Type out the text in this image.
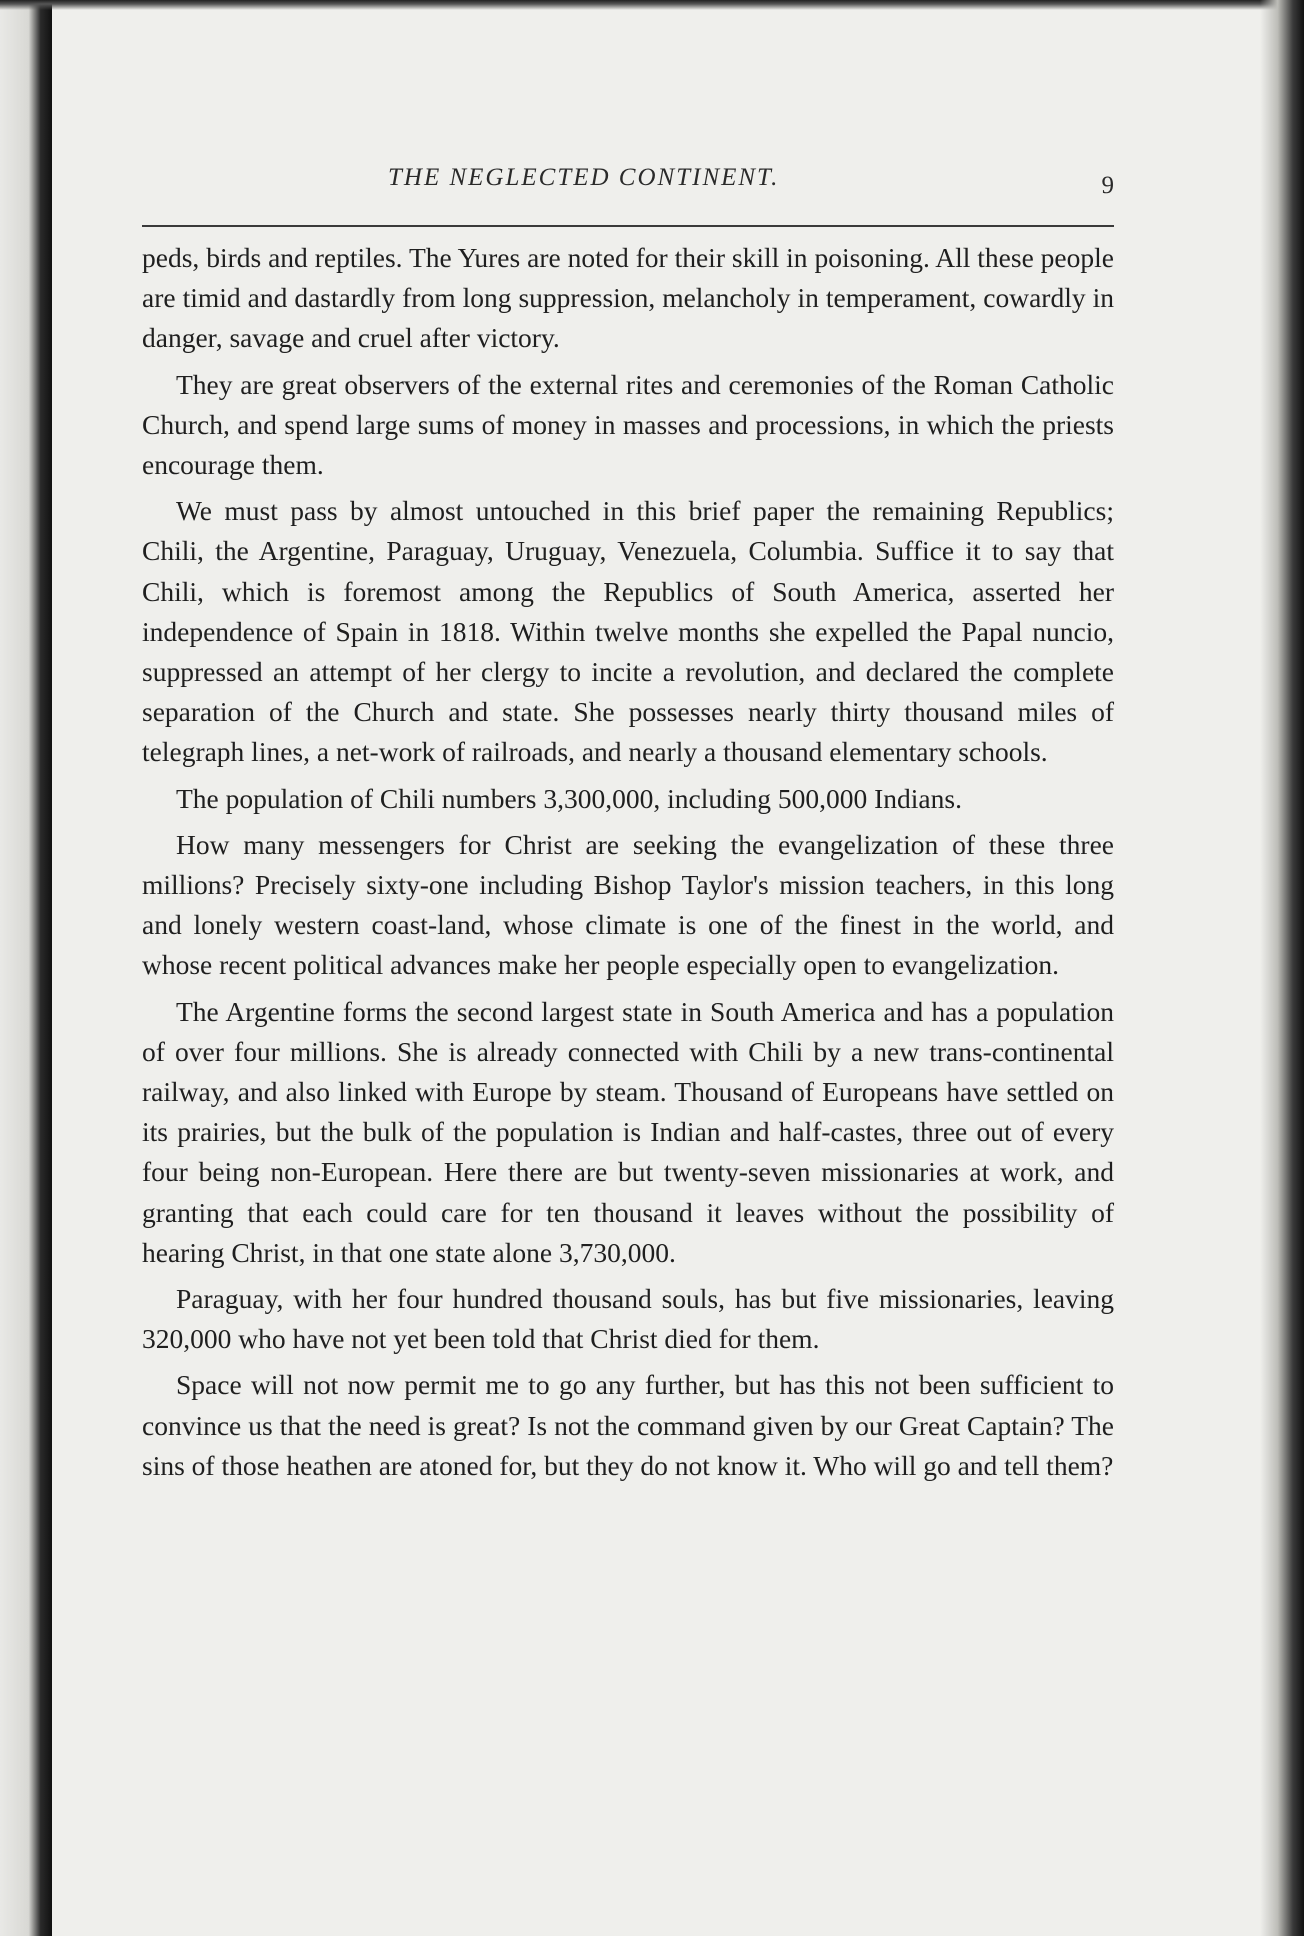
THE NEGLECTED CONTINENT.	9

peds, birds and reptiles. The Yures are noted for their skill in poisoning. All these people are timid and dastardly from long suppression, melancholy in temperament, cowardly in danger, savage and cruel after victory.

They are great observers of the external rites and ceremonies of the Roman Catholic Church, and spend large sums of money in masses and processions, in which the priests encourage them.

We must pass by almost untouched in this brief paper the remaining Republics; Chili, the Argentine, Paraguay, Uruguay, Venezuela, Columbia. Suffice it to say that Chili, which is foremost among the Republics of South America, asserted her independence of Spain in 1818. Within twelve months she expelled the Papal nuncio, suppressed an attempt of her clergy to incite a revolution, and declared the complete separation of the Church and state. She possesses nearly thirty thousand miles of telegraph lines, a net-work of railroads, and nearly a thousand elementary schools.

The population of Chili numbers 3,300,000, including 500,000 Indians.

How many messengers for Christ are seeking the evangelization of these three millions? Precisely sixty-one including Bishop Taylor's mission teachers, in this long and lonely western coast-land, whose climate is one of the finest in the world, and whose recent political advances make her people especially open to evangelization.

The Argentine forms the second largest state in South America and has a population of over four millions. She is already connected with Chili by a new trans-continental railway, and also linked with Europe by steam. Thousand of Europeans have settled on its prairies, but the bulk of the population is Indian and half-castes, three out of every four being non-European. Here there are but twenty-seven missionaries at work, and granting that each could care for ten thousand it leaves without the possibility of hearing Christ, in that one state alone 3,730,000.

Paraguay, with her four hundred thousand souls, has but five missionaries, leaving 320,000 who have not yet been told that Christ died for them.

Space will not now permit me to go any further, but has this not been sufficient to convince us that the need is great? Is not the command given by our Great Captain? The sins of those heathen are atoned for, but they do not know it. Who will go and tell them?
